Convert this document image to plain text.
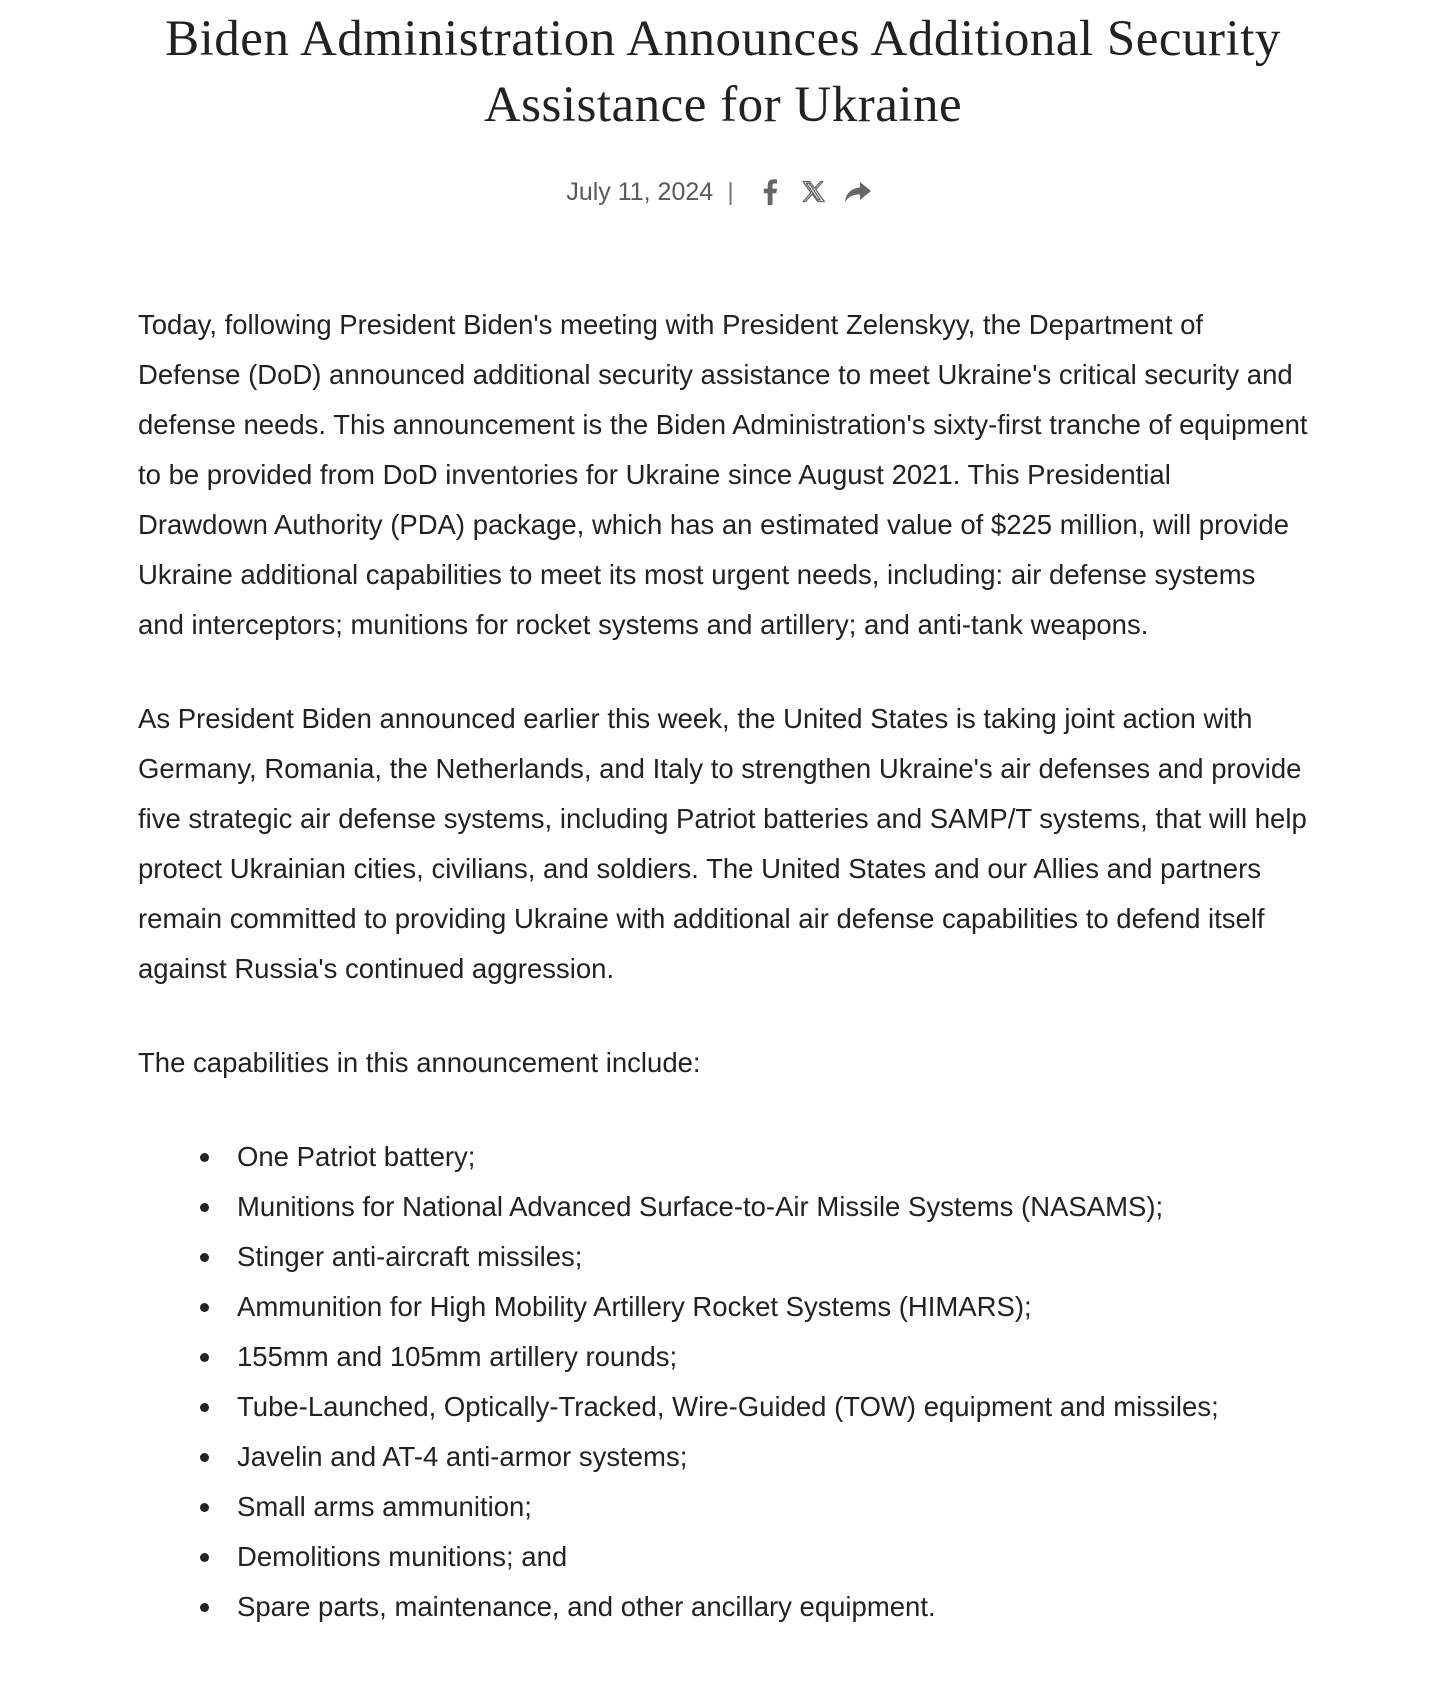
Biden Administration Announces Additional Security Assistance for Ukraine
July 11, 2024 |

Today, following President Biden's meeting with President Zelenskyy, the Department of Defense (DoD) announced additional security assistance to meet Ukraine's critical security and defense needs. This announcement is the Biden Administration's sixty-first tranche of equipment to be provided from DoD inventories for Ukraine since August 2021. This Presidential Drawdown Authority (PDA) package, which has an estimated value of $225 million, will provide Ukraine additional capabilities to meet its most urgent needs, including: air defense systems and interceptors; munitions for rocket systems and artillery; and anti-tank weapons.

As President Biden announced earlier this week, the United States is taking joint action with Germany, Romania, the Netherlands, and Italy to strengthen Ukraine's air defenses and provide five strategic air defense systems, including Patriot batteries and SAMP/T systems, that will help protect Ukrainian cities, civilians, and soldiers. The United States and our Allies and partners remain committed to providing Ukraine with additional air defense capabilities to defend itself against Russia's continued aggression.

The capabilities in this announcement include:

One Patriot battery;
Munitions for National Advanced Surface-to-Air Missile Systems (NASAMS);
Stinger anti-aircraft missiles;
Ammunition for High Mobility Artillery Rocket Systems (HIMARS);
155mm and 105mm artillery rounds;
Tube-Launched, Optically-Tracked, Wire-Guided (TOW) equipment and missiles;
Javelin and AT-4 anti-armor systems;
Small arms ammunition;
Demolitions munitions; and
Spare parts, maintenance, and other ancillary equipment.
